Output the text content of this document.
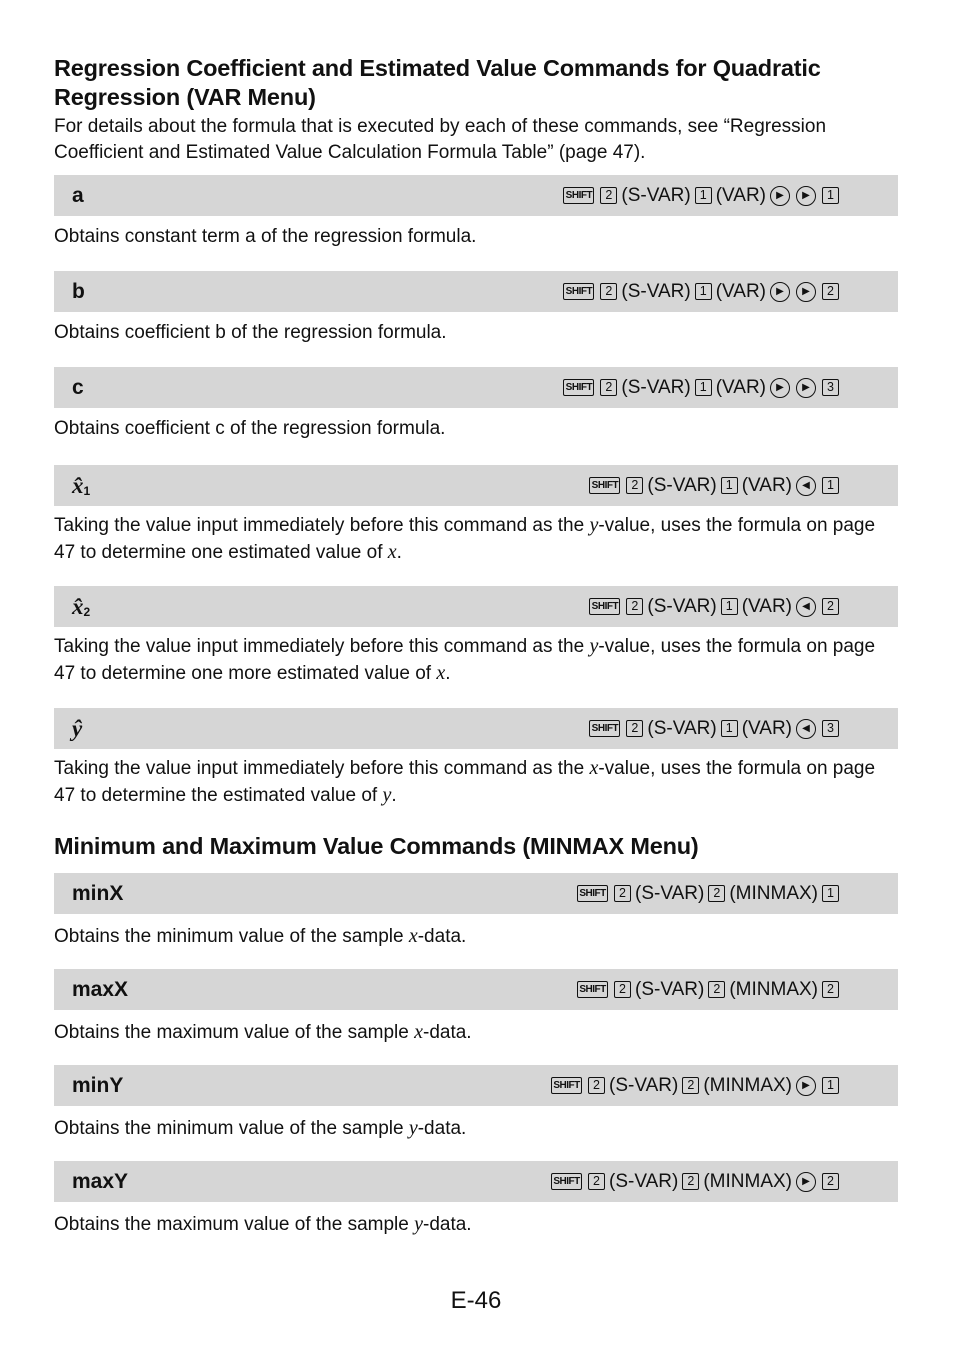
Regression Coefficient and Estimated Value Commands for Quadratic Regression (VAR Menu)

For details about the formula that is executed by each of these commands, see “Regression Coefficient and Estimated Value Calculation Formula Table” (page 47).

a	SHIFT	2 (S-VAR) 1 (VAR)	▶	▶	1
Obtains constant term a of the regression formula.
b	SHIFT	2 (S-VAR) 1 (VAR)	▶	▶	2
Obtains coefficient b of the regression formula.
c	SHIFT	2 (S-VAR) 1 (VAR)	▶	▶	3
Obtains coefficient c of the regression formula.
$x̂_1$	SHIFT	2 (S-VAR) 1 (VAR)	◀	1
Taking the value input immediately before this command as the y-value, uses the formula on page 47 to determine one estimated value of x.
$x̂_2$	SHIFT	2 (S-VAR) 1 (VAR)	◀	2
Taking the value input immediately before this command as the y-value, uses the formula on page 47 to determine one more estimated value of x.
ŷ	SHIFT	2 (S-VAR) 1 (VAR)	◀	3
Taking the value input immediately before this command as the x-value, uses the formula on page 47 to determine the estimated value of y.
Minimum and Maximum Value Commands (MINMAX Menu)
minX	SHIFT	2 (S-VAR) 2 (MINMAX) 1
Obtains the minimum value of the sample x-data.
maxX	SHIFT	2 (S-VAR) 2 (MINMAX) 2
Obtains the maximum value of the sample x-data.
minY	SHIFT	2 (S-VAR) 2 (MINMAX)	▶	1
Obtains the minimum value of the sample y-data.
maxY	SHIFT	2 (S-VAR) 2 (MINMAX)	▶	2
Obtains the maximum value of the sample y-data.
E-46
